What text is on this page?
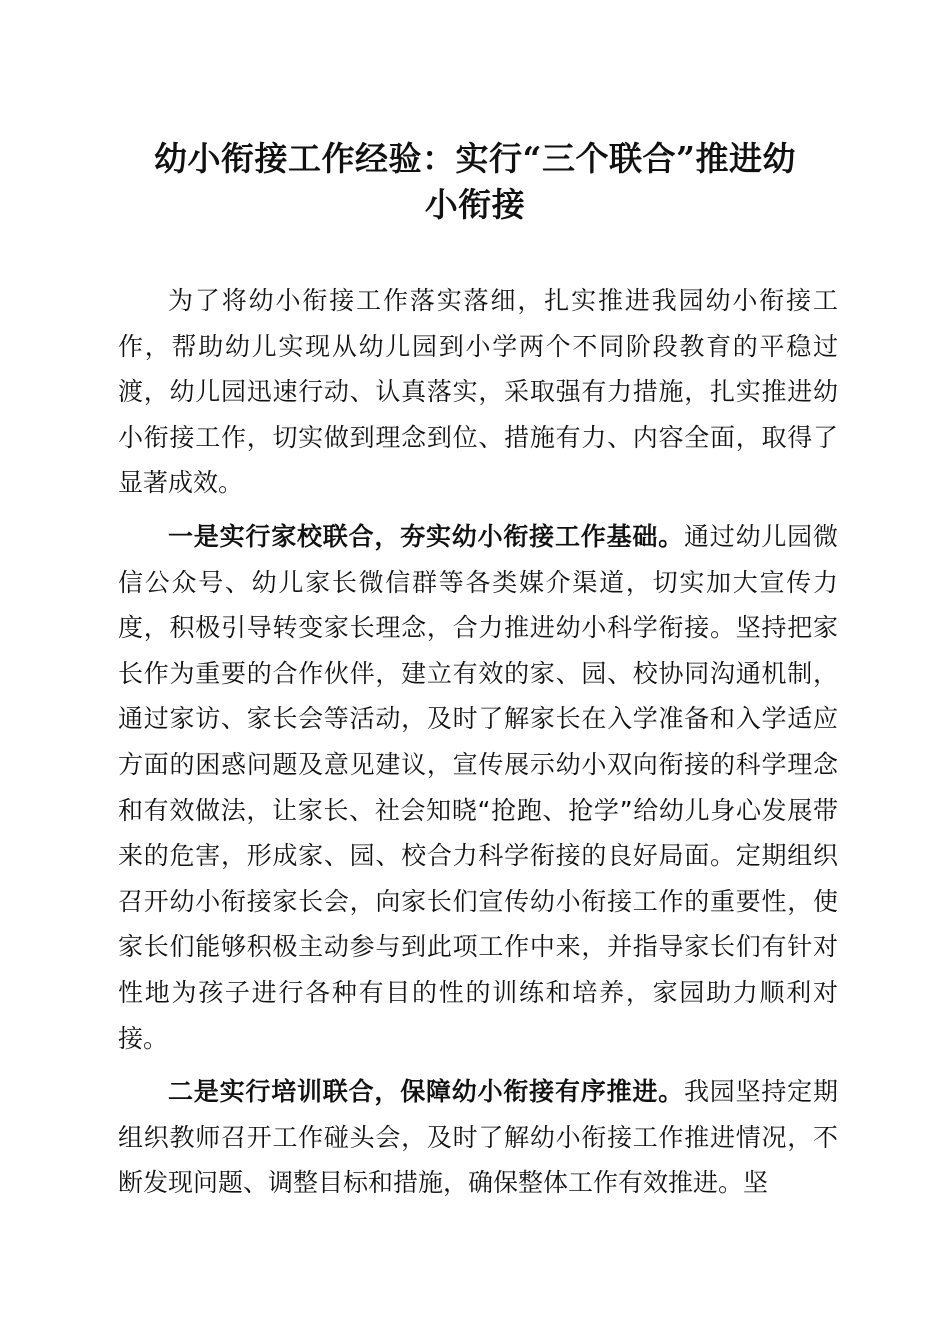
幼小衔接工作经验：实行“三个联合”推进幼
小衔接

为了将幼小衔接工作落实落细，扎实推进我园幼小衔接工作，帮助幼儿实现从幼儿园到小学两个不同阶段教育的平稳过渡，幼儿园迅速行动、认真落实，采取强有力措施，扎实推进幼小衔接工作，切实做到理念到位、措施有力、内容全面，取得了显著成效。

一是实行家校联合，夯实幼小衔接工作基础。通过幼儿园微信公众号、幼儿家长微信群等各类媒介渠道，切实加大宣传力度，积极引导转变家长理念，合力推进幼小科学衔接。坚持把家长作为重要的合作伙伴，建立有效的家、园、校协同沟通机制，通过家访、家长会等活动，及时了解家长在入学准备和入学适应方面的困惑问题及意见建议，宣传展示幼小双向衔接的科学理念和有效做法，让家长、社会知晓“抢跑、抢学”给幼儿身心发展带来的危害，形成家、园、校合力科学衔接的良好局面。定期组织召开幼小衔接家长会，向家长们宣传幼小衔接工作的重要性，使家长们能够积极主动参与到此项工作中来，并指导家长们有针对性地为孩子进行各种有目的性的训练和培养，家园助力顺利对接。

二是实行培训联合，保障幼小衔接有序推进。我园坚持定期组织教师召开工作碰头会，及时了解幼小衔接工作推进情况，不断发现问题、调整目标和措施，确保整体工作有效推进。坚
